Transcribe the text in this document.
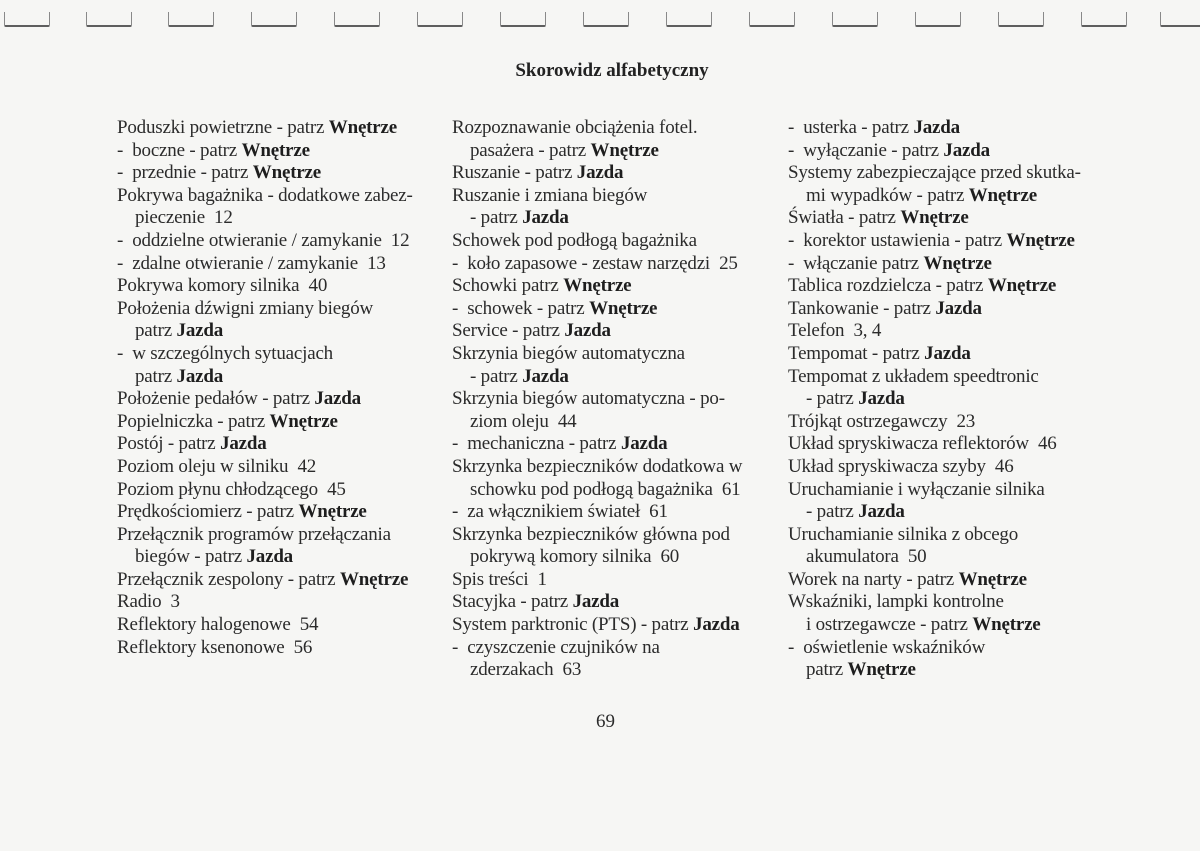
Skorowidz alfabetyczny
Poduszki powietrzne - patrz Wnętrze
-  boczne - patrz Wnętrze
-  przednie - patrz Wnętrze
Pokrywa bagażnika - dodatkowe zabez-
pieczenie  12
-  oddzielne otwieranie / zamykanie  12
-  zdalne otwieranie / zamykanie  13
Pokrywa komory silnika  40
Położenia dźwigni zmiany biegów
patrz Jazda
-  w szczególnych sytuacjach
patrz Jazda
Położenie pedałów - patrz Jazda
Popielniczka - patrz Wnętrze
Postój - patrz Jazda
Poziom oleju w silniku  42
Poziom płynu chłodzącego  45
Prędkościomierz - patrz Wnętrze
Przełącznik programów przełączania
biegów - patrz Jazda
Przełącznik zespolony - patrz Wnętrze
Radio  3
Reflektory halogenowe  54
Reflektory ksenonowe  56
Rozpoznawanie obciążenia fotel.
pasażera - patrz Wnętrze
Ruszanie - patrz Jazda
Ruszanie i zmiana biegów
- patrz Jazda
Schowek pod podłogą bagażnika
-  koło zapasowe - zestaw narzędzi  25
Schowki patrz Wnętrze
-  schowek - patrz Wnętrze
Service - patrz Jazda
Skrzynia biegów automatyczna
- patrz Jazda
Skrzynia biegów automatyczna - po-
ziom oleju  44
-  mechaniczna - patrz Jazda
Skrzynka bezpieczników dodatkowa w
schowku pod podłogą bagażnika  61
-  za włącznikiem świateł  61
Skrzynka bezpieczników główna pod
pokrywą komory silnika  60
Spis treści  1
Stacyjka - patrz Jazda
System parktronic (PTS) - patrz Jazda
-  czyszczenie czujników na
zderzakach  63
-  usterka - patrz Jazda
-  wyłączanie - patrz Jazda
Systemy zabezpieczające przed skutka-
mi wypadków - patrz Wnętrze
Światła - patrz Wnętrze
-  korektor ustawienia - patrz Wnętrze
-  włączanie patrz Wnętrze
Tablica rozdzielcza - patrz Wnętrze
Tankowanie - patrz Jazda
Telefon  3, 4
Tempomat - patrz Jazda
Tempomat z układem speedtronic
- patrz Jazda
Trójkąt ostrzegawczy  23
Układ spryskiwacza reflektorów  46
Układ spryskiwacza szyby  46
Uruchamianie i wyłączanie silnika
- patrz Jazda
Uruchamianie silnika z obcego
akumulatora  50
Worek na narty - patrz Wnętrze
Wskaźniki, lampki kontrolne
i ostrzegawcze - patrz Wnętrze
-  oświetlenie wskaźników
patrz Wnętrze
69
